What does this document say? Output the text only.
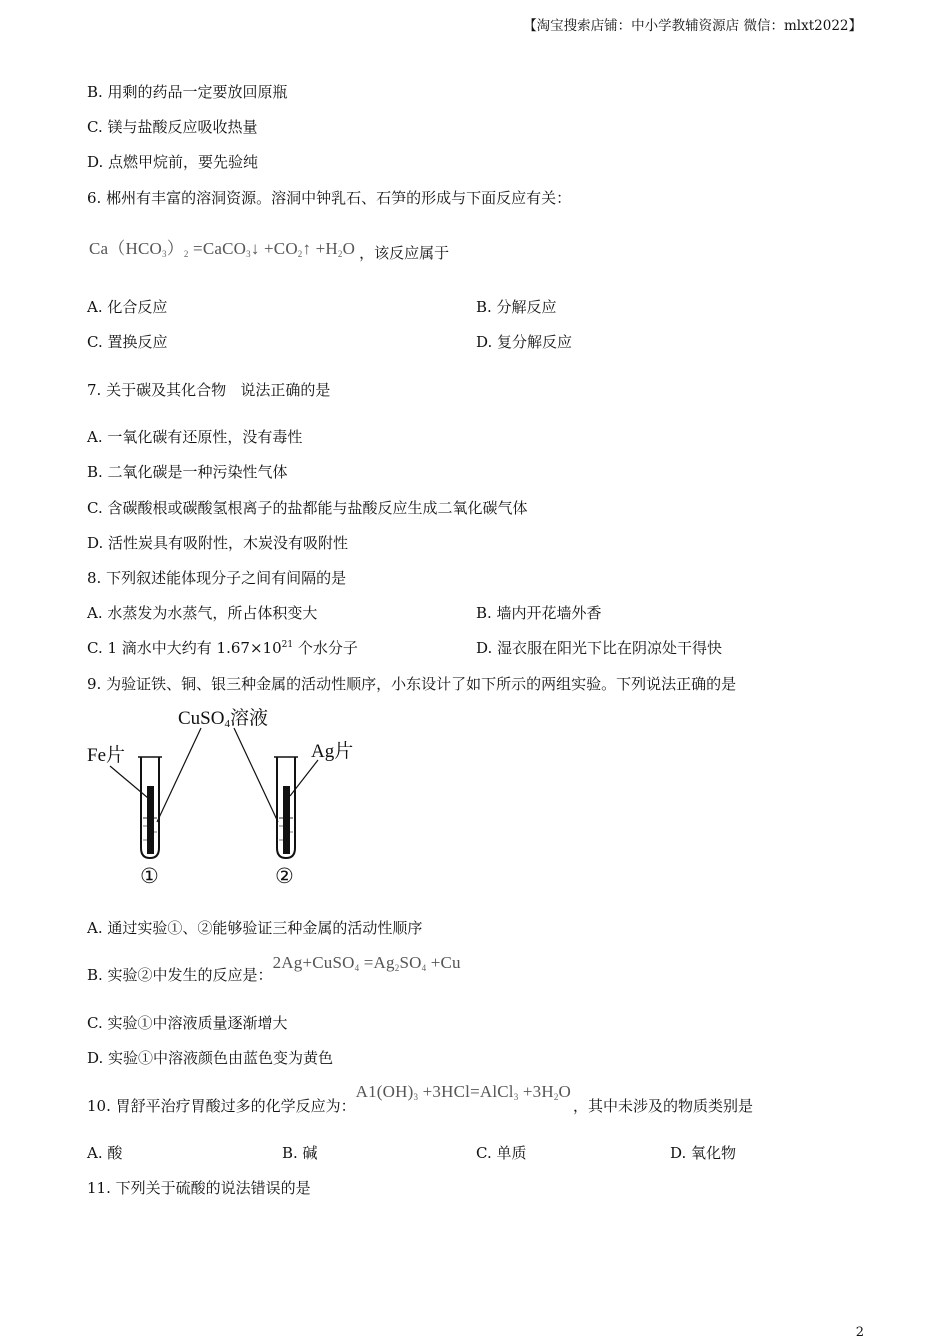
【淘宝搜索店铺：中小学教辅资源店 微信：mlxt2022】
B. 用剩的药品一定要放回原瓶
C. 镁与盐酸反应吸收热量
D. 点燃甲烷前，要先验纯
6. 郴州有丰富的溶洞资源。溶洞中钟乳石、石笋的形成与下面反应有关：
$Ca(HCO_3)_2$ =CaCO$_3$↓ $+CO_2↑ +H_2O$ ，该反应属于
A. 化合反应	B. 分解反应
C. 置换反应	D. 复分解反应
7. 关于碳及其化合物   说法正确的是
A. 一氧化碳有还原性，没有毒性
B. 二氧化碳是一种污染性气体
C. 含碳酸根或碳酸氢根离子的盐都能与盐酸反应生成二氧化碳气体
D. 活性炭具有吸附性，木炭没有吸附性
8. 下列叙述能体现分子之间有间隔的是
A. 水蒸发为水蒸气，所占体积变大	B. 墙内开花墙外香
C. 1 滴水中大约有 $1.67\times 10^{21}$ 个水分子	D. 湿衣服在阳光下比在阴凉处干得快
9. 为验证铁、铜、银三种金属的活动性顺序，小东设计了如下所示的两组实验。下列说法正确的是
CuSO$_4$溶液
Fe片	Ag片
①	②
A. 通过实验①、②能够验证三种金属的活动性顺序
B. 实验②中发生的反应是：2Ag+CuSO$_4$ $=Ag_2SO_4 +Cu$
C. 实验①中溶液质量逐渐增大
D. 实验①中溶液颜色由蓝色变为黄色
10. 胃舒平治疗胃酸过多的化学反应为：$A1(OH)_3$ +3HCl=AlCl$_3$ $+3H_2O$，其中未涉及的物质类别是
A. 酸	B. 碱	C. 单质	D. 氧化物
11. 下列关于硫酸的说法错误的是
2
